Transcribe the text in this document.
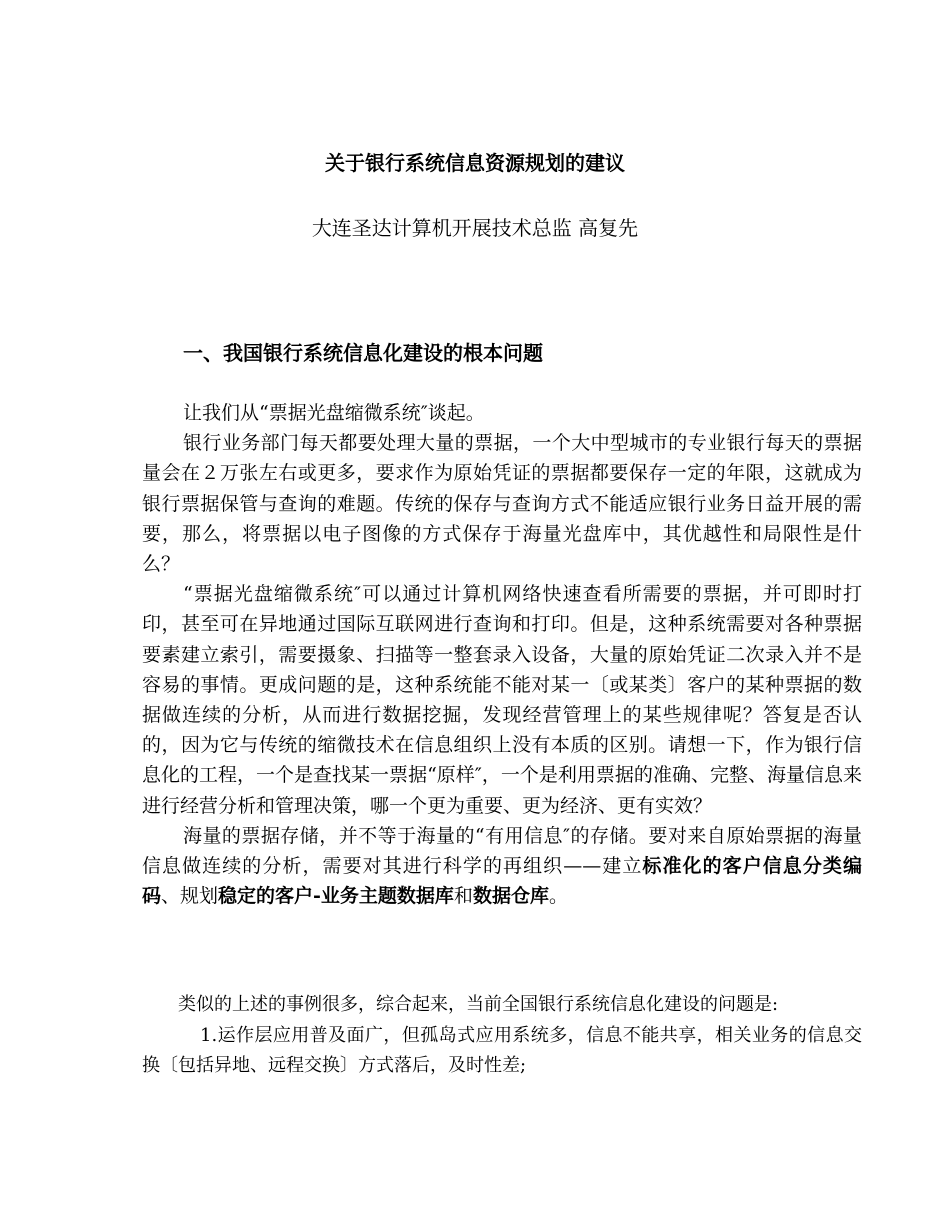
关于银行系统信息资源规划的建议
大连圣达计算机开展技术总监 高复先
一、我国银行系统信息化建设的根本问题

让我们从“票据光盘缩微系统″谈起。

银行业务部门每天都要处理大量的票据，一个大中型城市的专业银行每天的票据量会在２万张左右或更多，要求作为原始凭证的票据都要保存一定的年限，这就成为银行票据保管与查询的难题。传统的保存与查询方式不能适应银行业务日益开展的需要，那么，将票据以电子图像的方式保存于海量光盘库中，其优越性和局限性是什么？

“票据光盘缩微系统″可以通过计算机网络快速查看所需要的票据，并可即时打印，甚至可在异地通过国际互联网进行查询和打印。但是，这种系统需要对各种票据要素建立索引，需要摄象、扫描等一整套录入设备，大量的原始凭证二次录入并不是容易的事情。更成问题的是，这种系统能不能对某一〔或某类〕客户的某种票据的数据做连续的分析，从而进行数据挖掘，发现经营管理上的某些规律呢？答复是否认的，因为它与传统的缩微技术在信息组织上没有本质的区别。请想一下，作为银行信息化的工程，一个是查找某一票据“原样″，一个是利用票据的准确、完整、海量信息来进行经营分析和管理决策，哪一个更为重要、更为经济、更有实效？

海量的票据存储，并不等于海量的“有用信息″的存储。要对来自原始票据的海量信息做连续的分析，需要对其进行科学的再组织——建立标准化的客户信息分类编码、规划稳定的客户-业务主题数据库和数据仓库。

类似的上述的事例很多，综合起来，当前全国银行系统信息化建设的问题是:

1.运作层应用普及面广，但孤岛式应用系统多，信息不能共享，相关业务的信息交换〔包括异地、远程交换〕方式落后，及时性差;
